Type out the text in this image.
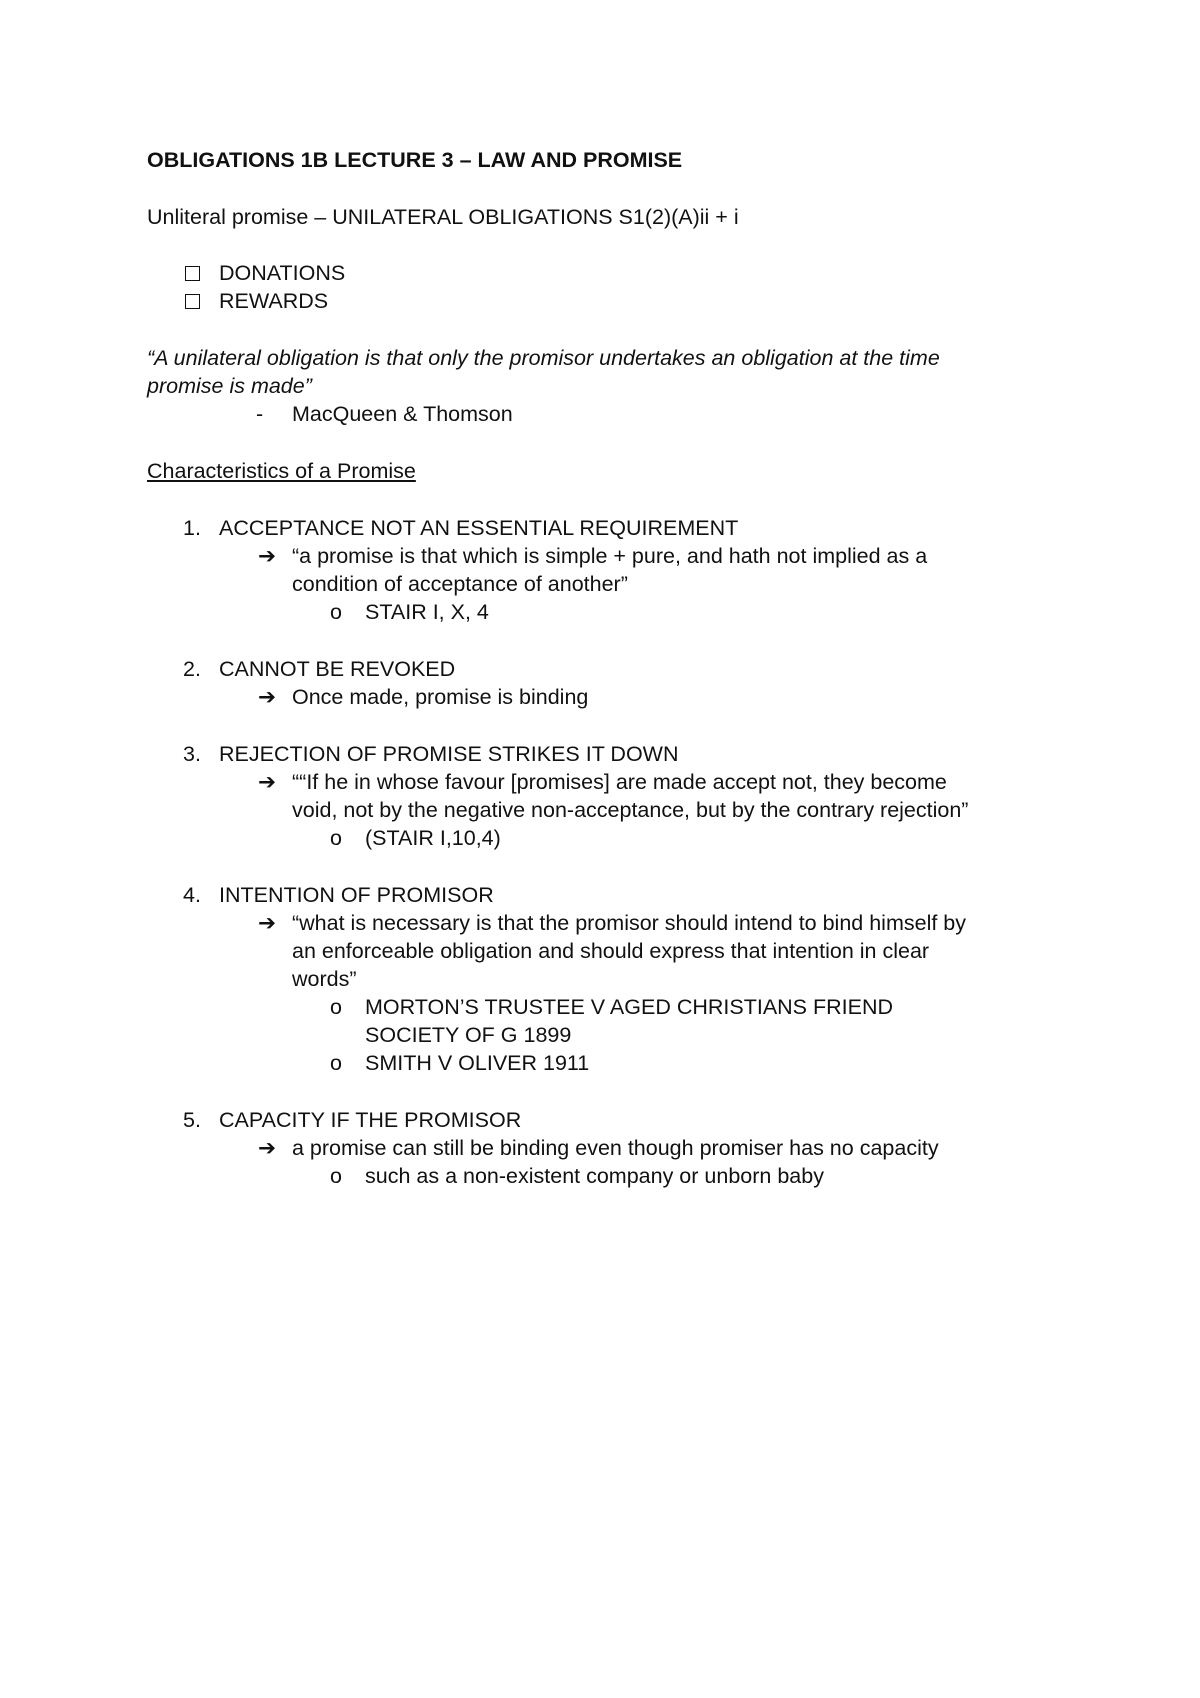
OBLIGATIONS 1B LECTURE 3 – LAW AND PROMISE
Unliteral promise – UNILATERAL OBLIGATIONS S1(2)(A)ii + i
DONATIONS
REWARDS
“A unilateral obligation is that only the promisor undertakes an obligation at the time
promise is made”
- MacQueen & Thomson
Characteristics of a Promise
1. ACCEPTANCE NOT AN ESSENTIAL REQUIREMENT
➔ “a promise is that which is simple + pure, and hath not implied as a
condition of acceptance of another”
o STAIR I, X, 4
2. CANNOT BE REVOKED
➔ Once made, promise is binding
3. REJECTION OF PROMISE STRIKES IT DOWN
➔ ““If he in whose favour [promises] are made accept not, they become
void, not by the negative non-acceptance, but by the contrary rejection”
o (STAIR I,10,4)
4. INTENTION OF PROMISOR
➔ “what is necessary is that the promisor should intend to bind himself by
an enforceable obligation and should express that intention in clear
words”
o MORTON’S TRUSTEE V AGED CHRISTIANS FRIEND
SOCIETY OF G 1899
o SMITH V OLIVER 1911
5. CAPACITY IF THE PROMISOR
➔ a promise can still be binding even though promiser has no capacity
o such as a non-existent company or unborn baby
